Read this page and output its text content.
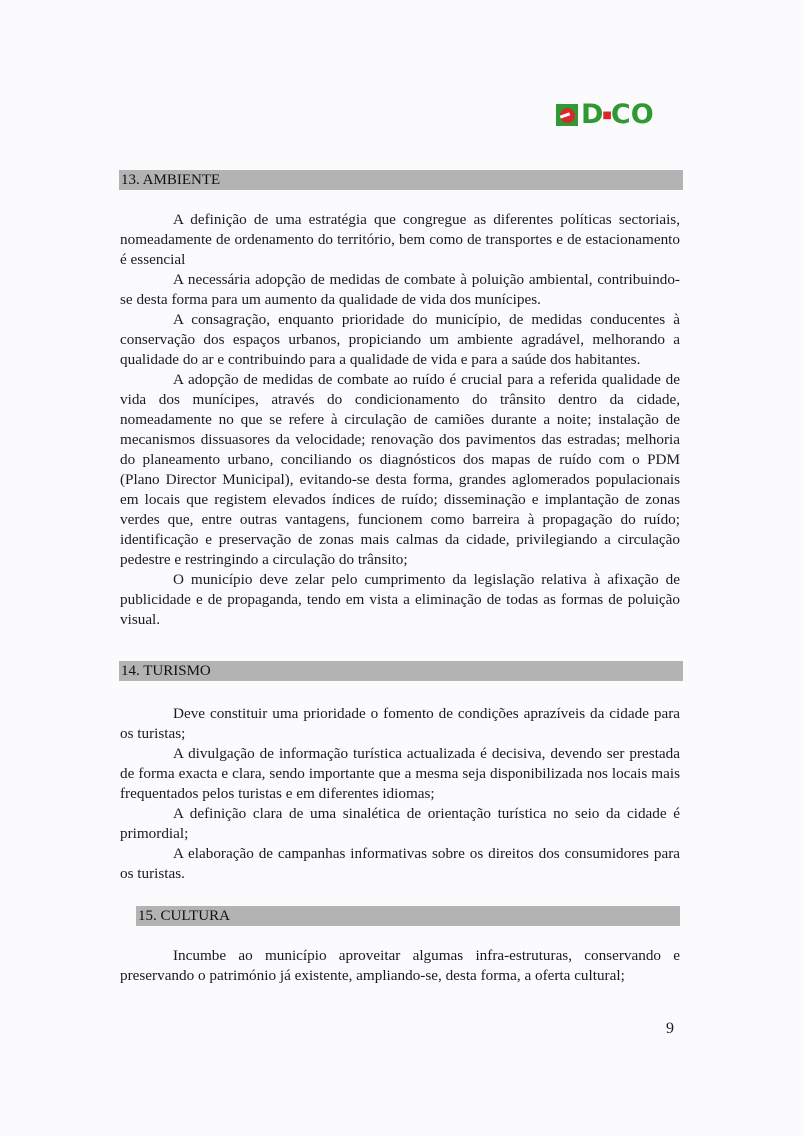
D■CO
13. AMBIENTE

A definição de uma estratégia que congregue as diferentes políticas sectoriais, nomeadamente de ordenamento do território, bem como de transportes e de estacionamento é essencial

A necessária adopção de medidas de combate à poluição ambiental, contribuindo-se desta forma para um aumento da qualidade de vida dos munícipes.

A consagração, enquanto prioridade do município, de medidas conducentes à conservação dos espaços urbanos, propiciando um ambiente agradável, melhorando a qualidade do ar e contribuindo para a qualidade de vida e para a saúde dos habitantes.

A adopção de medidas de combate ao ruído é crucial para a referida qualidade de vida dos munícipes, através do condicionamento do trânsito dentro da cidade, nomeadamente no que se refere à circulação de camiões durante a noite; instalação de mecanismos dissuasores da velocidade; renovação dos pavimentos das estradas; melhoria do planeamento urbano, conciliando os diagnósticos dos mapas de ruído com o PDM (Plano Director Municipal), evitando-se desta forma, grandes aglomerados populacionais em locais que registem elevados índices de ruído; disseminação e implantação de zonas verdes que, entre outras vantagens, funcionem como barreira à propagação do ruído; identificação e preservação de zonas mais calmas da cidade, privilegiando a circulação pedestre e restringindo a circulação do trânsito;

O município deve zelar pelo cumprimento da legislação relativa à afixação de publicidade e de propaganda, tendo em vista a eliminação de todas as formas de poluição visual.

14. TURISMO

Deve constituir uma prioridade o fomento de condições aprazíveis da cidade para os turistas;

A divulgação de informação turística actualizada é decisiva, devendo ser prestada de forma exacta e clara, sendo importante que a mesma seja disponibilizada nos locais mais frequentados pelos turistas e em diferentes idiomas;

A definição clara de uma sinalética de orientação turística no seio da cidade é primordial;

A elaboração de campanhas informativas sobre os direitos dos consumidores para os turistas.

15. CULTURA

Incumbe ao município aproveitar algumas infra-estruturas, conservando e preservando o património já existente, ampliando-se, desta forma, a oferta cultural;

9
